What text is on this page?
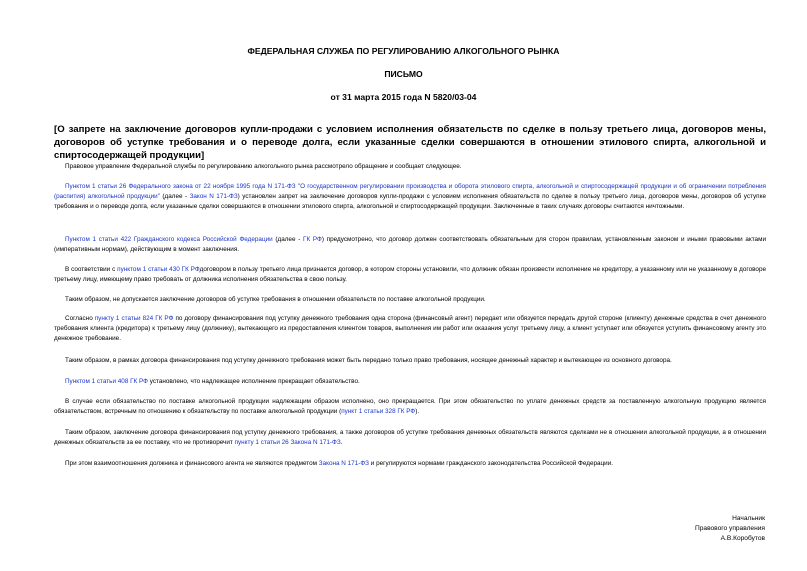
ФЕДЕРАЛЬНАЯ СЛУЖБА ПО РЕГУЛИРОВАНИЮ АЛКОГОЛЬНОГО РЫНКА
ПИСЬМО
от 31 марта 2015 года N 5820/03-04
[О запрете на заключение договоров купли-продажи с условием исполнения обязательств по сделке в пользу третьего лица, договоров мены, договоров об уступке требования и о переводе долга, если указанные сделки совершаются в отношении этилового спирта, алкогольной и спиртосодержащей продукции]
Правовое управление Федеральной службы по регулированию алкогольного рынка рассмотрело обращение и сообщает следующее.
Пунктом 1 статьи 26 Федерального закона от 22 ноября 1995 года N 171-ФЗ "О государственном регулировании производства и оборота этилового спирта, алкогольной и спиртосодержащей продукции и об ограничении потребления (распития) алкогольной продукции" (далее - Закон N 171-ФЗ) установлен запрет на заключение договоров купли-продажи с условием исполнения обязательств по сделке в пользу третьего лица, договоров мены, договоров об уступке требования и о переводе долга, если указанные сделки совершаются в отношении этилового спирта, алкогольной и спиртосодержащей продукции. Заключенные в таких случаях договоры считаются ничтожными.
Пунктом 1 статьи 422 Гражданского кодекса Российской Федерации (далее - ГК РФ) предусмотрено, что договор должен соответствовать обязательным для сторон правилам, установленным законом и иными правовыми актами (императивным нормам), действующим в момент заключения.
В соответствии с пунктом 1 статьи 430 ГК РФдоговором в пользу третьего лица признается договор, в котором стороны установили, что должник обязан произвести исполнение не кредитору, а указанному или не указанному в договоре третьему лицу, имеющему право требовать от должника исполнения обязательства в свою пользу.
Таким образом, не допускается заключение договоров об уступке требования в отношении обязательств по поставке алкогольной продукции.
Согласно пункту 1 статьи 824 ГК РФ по договору финансирования под уступку денежного требования одна сторона (финансовый агент) передает или обязуется передать другой стороне (клиенту) денежные средства в счет денежного требования клиента (кредитора) к третьему лицу (должнику), вытекающего из предоставления клиентом товаров, выполнения им работ или оказания услуг третьему лицу, а клиент уступает или обязуется уступить финансовому агенту это денежное требование.
Таким образом, в рамках договора финансирования под уступку денежного требования может быть передано только право требования, носящее денежный характер и вытекающее из основного договора.
Пунктом 1 статьи 408 ГК РФ установлено, что надлежащее исполнение прекращает обязательство.
В случае если обязательство по поставке алкогольной продукции надлежащим образом исполнено, оно прекращается. При этом обязательство по уплате денежных средств за поставленную алкогольную продукцию является обязательством, встречным по отношению к обязательству по поставке алкогольной продукции (пункт 1 статьи 328 ГК РФ).
Таким образом, заключение договора финансирования под уступку денежного требования, а также договоров об уступке требования денежных обязательств являются сделками не в отношении алкогольной продукции, а в отношении денежных обязательств за ее поставку, что не противоречит пункту 1 статьи 26 Закона N 171-ФЗ.
При этом взаимоотношения должника и финансового агента не являются предметом Закона N 171-ФЗ и регулируются нормами гражданского законодательства Российской Федерации.
Начальник
Правового управления
А.В.Коробутов
